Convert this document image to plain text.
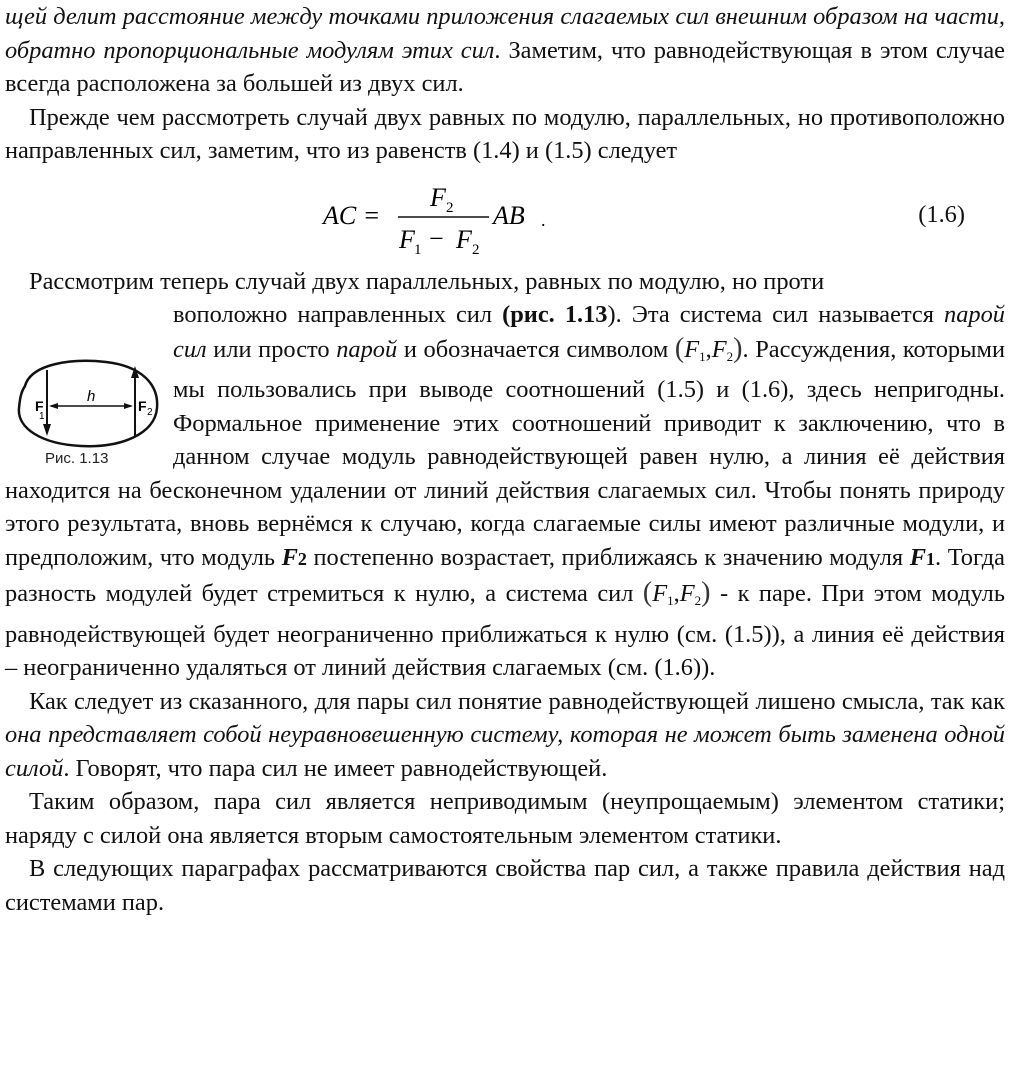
щей делит расстояние между точками приложения слагаемых сил внешним образом на части, обратно пропорциональные модулям этих сил. Заметим, что равнодействующая в этом случае всегда расположена за большей из двух сил.

Прежде чем рассмотреть случай двух равных по модулю, параллельных, но противоположно направленных сил, заметим, что из равенств (1.4) и (1.5) следует

AC =
F 2
F 1 − F 2
AB .	(1.6)

Рассмотрим теперь случай двух параллельных, равных по модулю, но проти

F
1
h
F 2
Рис. 1.13

воположно направленных сил (рис. 1.13). Эта система сил называется парой сил или просто парой и обозначается символом $(F_1,F_2)$. Рассуждения, которыми мы пользовались при выводе соотношений (1.5) и (1.6), здесь непригодны. Формальное применение этих соотношений приводит к заключению, что в данном случае модуль равнодействующей равен нулю, а линия её действия находится на бесконечном удалении от линий действия слагаемых сил. Чтобы понять природу этого результата, вновь вернёмся к случаю, когда слагаемые силы имеют различные модули, и предположим, что модуль F2 постепенно возрастает, приближаясь к значению модуля F1. Тогда разность модулей будет стремиться к нулю, а система сил $(F_1,F_2)$ - к паре. При этом модуль равнодействующей будет неограниченно приближаться к нулю (см. (1.5)), а линия её действия – неограниченно удаляться от линий действия слагаемых (см. (1.6)).

Как следует из сказанного, для пары сил понятие равнодействующей лишено смысла, так как она представляет собой неуравновешенную систему, которая не может быть заменена одной силой. Говорят, что пара сил не имеет равнодействующей.

Таким образом, пара сил является неприводимым (неупрощаемым) элементом статики; наряду с силой она является вторым самостоятельным элементом статики.

В следующих параграфах рассматриваются свойства пар сил, а также правила действия над системами пар.
